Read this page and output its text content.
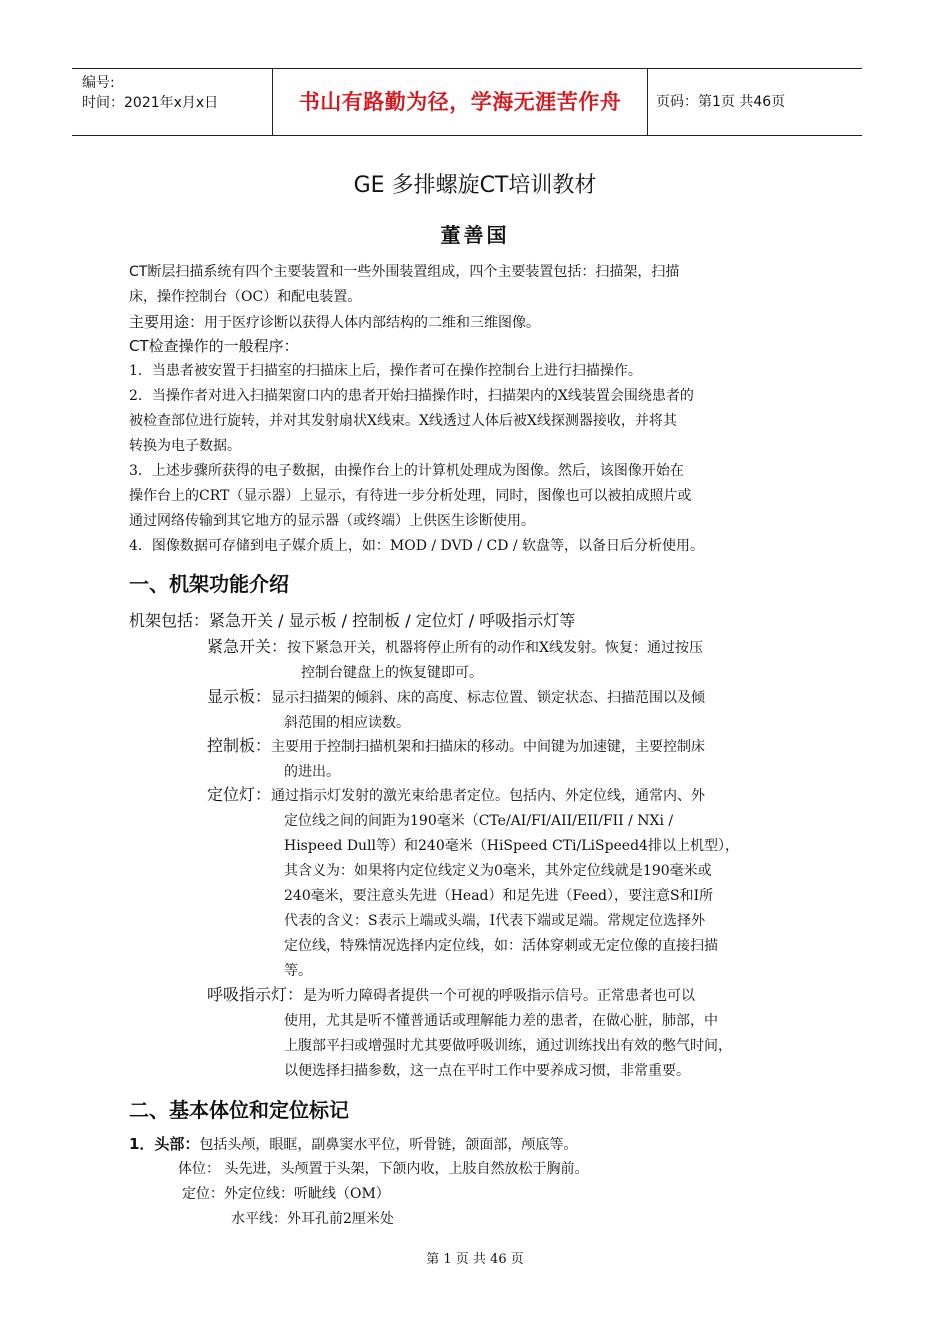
编号:
时间：2021年x月x日	书山有路勤为径，学海无涯苦作舟	页码：第1页 共46页
GE 多排螺旋CT培训教材
董善国
CT断层扫描系统有四个主要装置和一些外围装置组成，四个主要装置包括：扫描架，扫描
床，操作控制台（OC）和配电装置。
主要用途：用于医疗诊断以获得人体内部结构的二维和三维图像。
CT检查操作的一般程序：
1．当患者被安置于扫描室的扫描床上后，操作者可在操作控制台上进行扫描操作。
2．当操作者对进入扫描架窗口内的患者开始扫描操作时，扫描架内的X线装置会围绕患者的
被检查部位进行旋转，并对其发射扇状X线束。X线透过人体后被X线探测器接收，并将其
转换为电子数据。
3．上述步骤所获得的电子数据，由操作台上的计算机处理成为图像。然后，该图像开始在
操作台上的CRT（显示器）上显示，有待进一步分析处理，同时，图像也可以被拍成照片或
通过网络传输到其它地方的显示器（或终端）上供医生诊断使用。
4．图像数据可存储到电子媒介质上，如：MOD / DVD / CD / 软盘等，以备日后分析使用。
一、机架功能介绍
机架包括：紧急开关 / 显示板 / 控制板 / 定位灯 / 呼吸指示灯等
紧急开关：按下紧急开关，机器将停止所有的动作和X线发射。恢复：通过按压
控制台键盘上的恢复键即可。
显示板：显示扫描架的倾斜、床的高度、标志位置、锁定状态、扫描范围以及倾
斜范围的相应读数。
控制板：主要用于控制扫描机架和扫描床的移动。中间键为加速键，主要控制床
的进出。
定位灯：通过指示灯发射的激光束给患者定位。包括内、外定位线，通常内、外
定位线之间的间距为190毫米（CTe/AI/FI/AII/EII/FII / NXi /
Hispeed Dull等）和240毫米（HiSpeed CTi/LiSpeed4排以上机型），
其含义为：如果将内定位线定义为0毫米，其外定位线就是190毫米或
240毫米，要注意头先进（Head）和足先进（Feed），要注意S和I所
代表的含义：S表示上端或头端，I代表下端或足端。常规定位选择外
定位线，特殊情况选择内定位线，如：活体穿刺或无定位像的直接扫描
等。
呼吸指示灯：是为听力障碍者提供一个可视的呼吸指示信号。正常患者也可以
使用，尤其是听不懂普通话或理解能力差的患者，在做心脏，肺部，中
上腹部平扫或增强时尤其要做呼吸训练，通过训练找出有效的憋气时间，
以便选择扫描参数，这一点在平时工作中要养成习惯，非常重要。
二、基本体位和定位标记
1．头部：包括头颅，眼眶，副鼻窦水平位，听骨链，颌面部，颅底等。
体位： 头先进，头颅置于头架，下颌内收，上肢自然放松于胸前。
定位：外定位线：听眦线（OM）
水平线：外耳孔前2厘米处
第 1 页 共 46 页
